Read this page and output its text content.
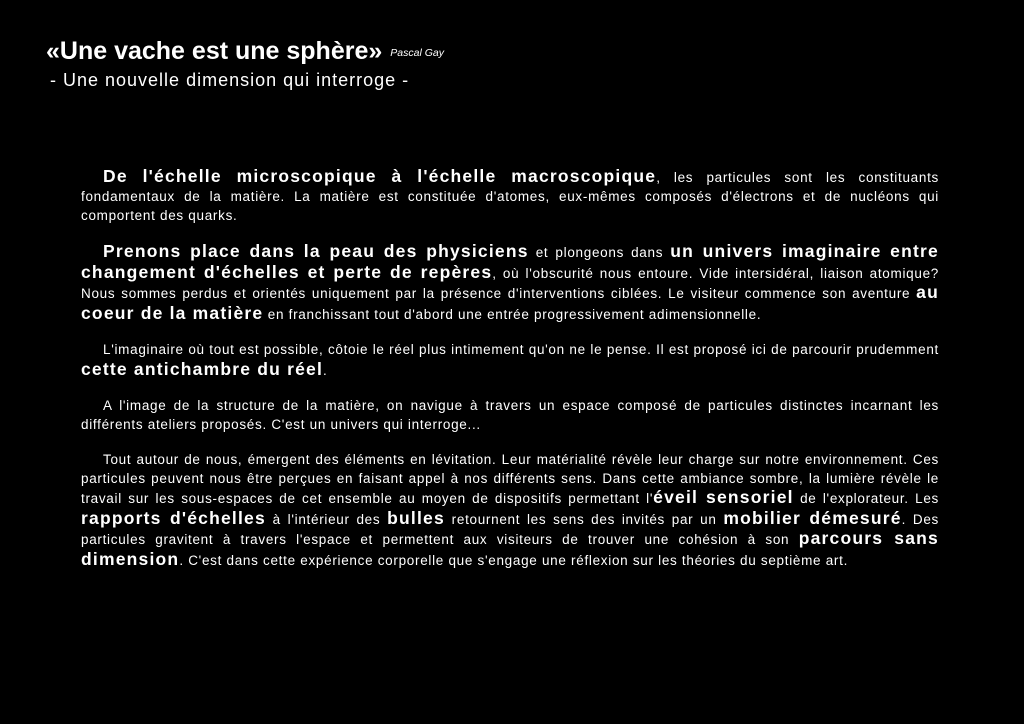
«Une vache est une sphère» Pascal Gay
- Une nouvelle dimension qui interroge -

De l'échelle microscopique à l'échelle macroscopique, les particules sont les constituants fondamentaux de la matière. La matière est constituée d'atomes, eux-mêmes composés d'électrons et de nucléons qui comportent des quarks.

Prenons place dans la peau des physiciens et plongeons dans un univers imaginaire entre changement d'échelles et perte de repères, où l'obscurité nous entoure. Vide intersidéral, liaison atomique? Nous sommes perdus et orientés uniquement par la présence d'interventions ciblées. Le visiteur commence son aventure au coeur de la matière en franchissant tout d'abord une entrée progressivement adimensionnelle.

L'imaginaire où tout est possible, côtoie le réel plus intimement qu'on ne le pense. Il est proposé ici de parcourir prudemment cette antichambre du réel.

A l'image de la structure de la matière, on navigue à travers un espace composé de particules distinctes incarnant les différents ateliers proposés. C'est un univers qui interroge...

Tout autour de nous, émergent des éléments en lévitation. Leur matérialité révèle leur charge sur notre environnement. Ces particules peuvent nous être perçues en faisant appel à nos différents sens. Dans cette ambiance sombre, la lumière révèle le travail sur les sous-espaces de cet ensemble au moyen de dispositifs permettant l'éveil sensoriel de l'explorateur. Les rapports d'échelles à l'intérieur des bulles retournent les sens des invités par un mobilier démesuré. Des particules gravitent à travers l'espace et permettent aux visiteurs de trouver une cohésion à son parcours sans dimension. C'est dans cette expérience corporelle que s'engage une réflexion sur les théories du septième art.
